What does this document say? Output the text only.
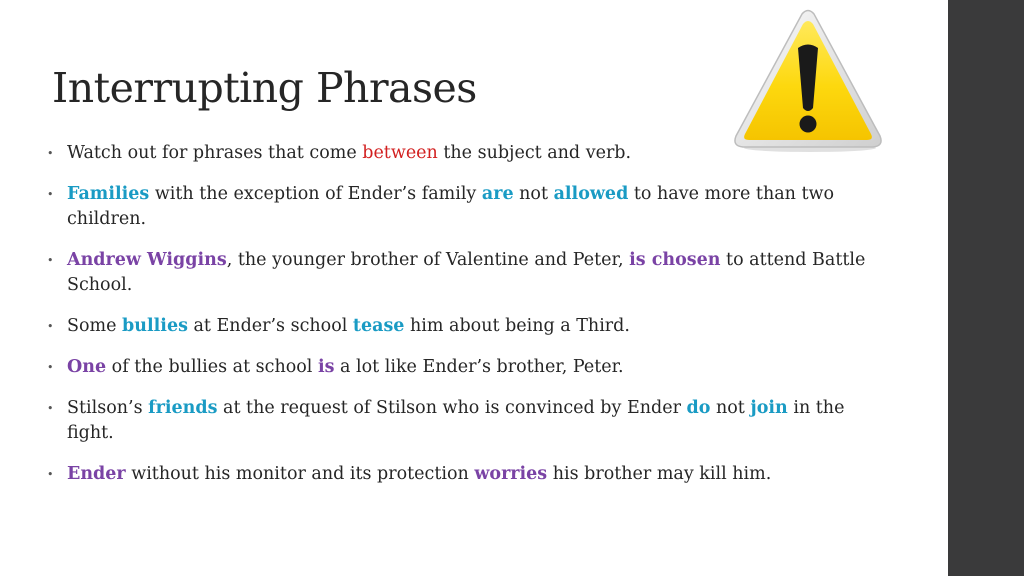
Interrupting Phrases
• Watch out for phrases that come between the subject and verb.
• Families with the exception of Ender’s family are not allowed to have more than two children.
• Andrew Wiggins, the younger brother of Valentine and Peter, is chosen to attend Battle School.
• Some bullies at Ender’s school tease him about being a Third.
• One of the bullies at school is a lot like Ender’s brother, Peter.
• Stilson’s friends at the request of Stilson who is convinced by Ender do not join in the fight.
• Ender without his monitor and its protection worries his brother may kill him.
